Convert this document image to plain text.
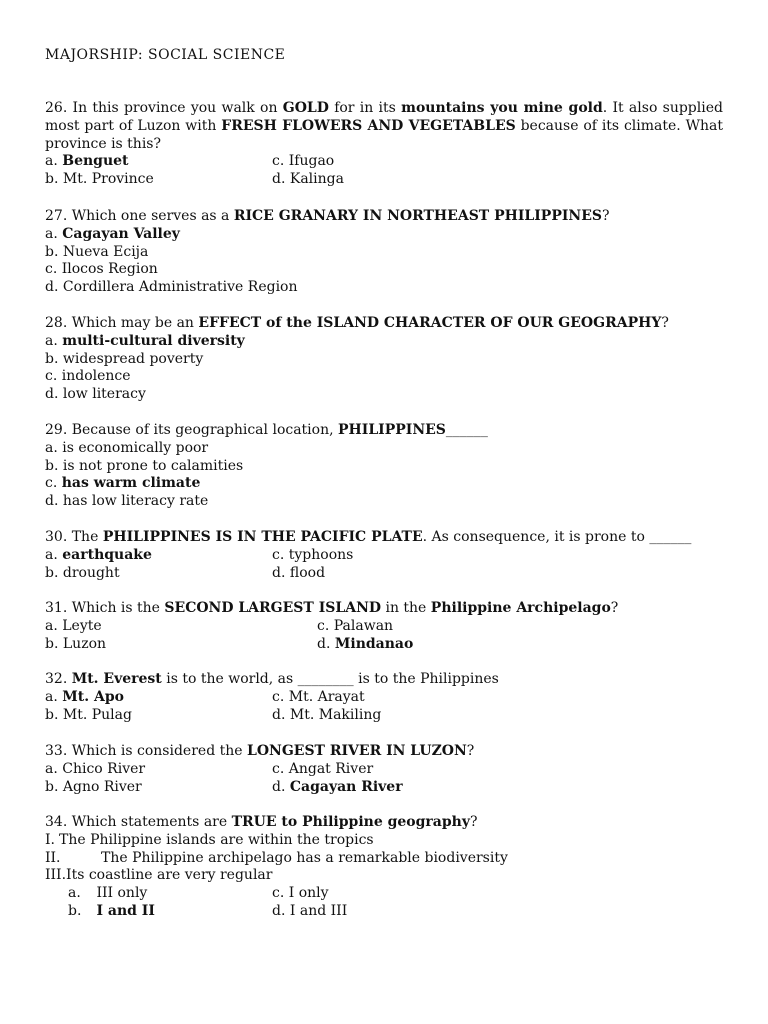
MAJORSHIP: SOCIAL SCIENCE
26. In this province you walk on GOLD for in its mountains you mine gold. It also supplied most part of Luzon with FRESH FLOWERS AND VEGETABLES because of its climate. What province is this?
a. Benguet	c. Ifugao
b. Mt. Province	d. Kalinga
27. Which one serves as a RICE GRANARY IN NORTHEAST PHILIPPINES?
a. Cagayan Valley
b. Nueva Ecija
c. Ilocos Region
d. Cordillera Administrative Region
28. Which may be an EFFECT of the ISLAND CHARACTER OF OUR GEOGRAPHY?
a. multi-cultural diversity
b. widespread poverty
c. indolence
d. low literacy
29. Because of its geographical location, PHILIPPINES______
a. is economically poor
b. is not prone to calamities
c. has warm climate
d. has low literacy rate
30. The PHILIPPINES IS IN THE PACIFIC PLATE. As consequence, it is prone to ______
a. earthquake	c. typhoons
b. drought	d. flood
31. Which is the SECOND LARGEST ISLAND in the Philippine Archipelago?
a. Leyte	c. Palawan
b. Luzon	d. Mindanao
32. Mt. Everest is to the world, as ________ is to the Philippines
a. Mt. Apo	c. Mt. Arayat
b. Mt. Pulag	d. Mt. Makiling
33. Which is considered the LONGEST RIVER IN LUZON?
a. Chico River	c. Angat River
b. Agno River	d. Cagayan River
34. Which statements are TRUE to Philippine geography?
I. The Philippine islands are within the tropics
II.	The Philippine archipelago has a remarkable biodiversity
III.Its coastline are very regular
a. III only	c. I only
b. I and II	d. I and III
